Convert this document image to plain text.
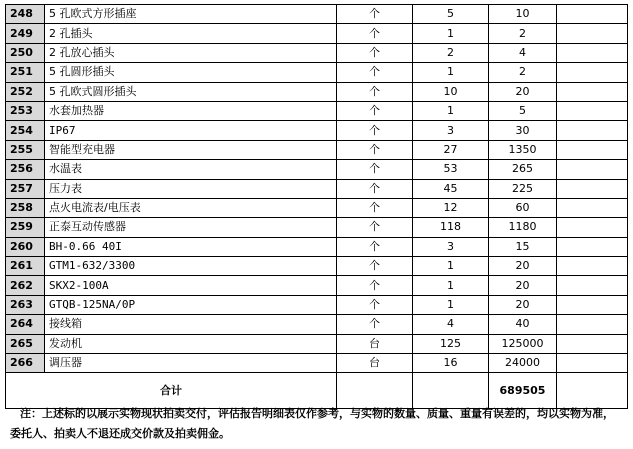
248	5 孔欧式方形插座	个	5	10	
249	2 孔插头	个	1	2	
250	2 孔放心插头	个	2	4	
251	5 孔圆形插头	个	1	2	
252	5 孔欧式圆形插头	个	10	20	
253	水套加热器	个	1	5	
254	IP67	个	3	30	
255	智能型充电器	个	27	1350	
256	水温表	个	53	265	
257	压力表	个	45	225	
258	点火电流表/电压表	个	12	60	
259	正泰互动传感器	个	118	1180	
260	BH-0.66 40I	个	3	15	
261	GTM1-632/3300	个	1	20	
262	SKX2-100A	个	1	20	
263	GTQB-125NA/0P	个	1	20	
264	接线箱	个	4	40	
265	发动机	台	125	125000	
266	调压器	台	16	24000	
合计				689505	
注：上述标的以展示实物现状拍卖交付，评估报告明细表仅作参考，与实物的数量、质量、重量有误差的，均以实物为准，委托人、拍卖人不退还成交价款及拍卖佣金。
